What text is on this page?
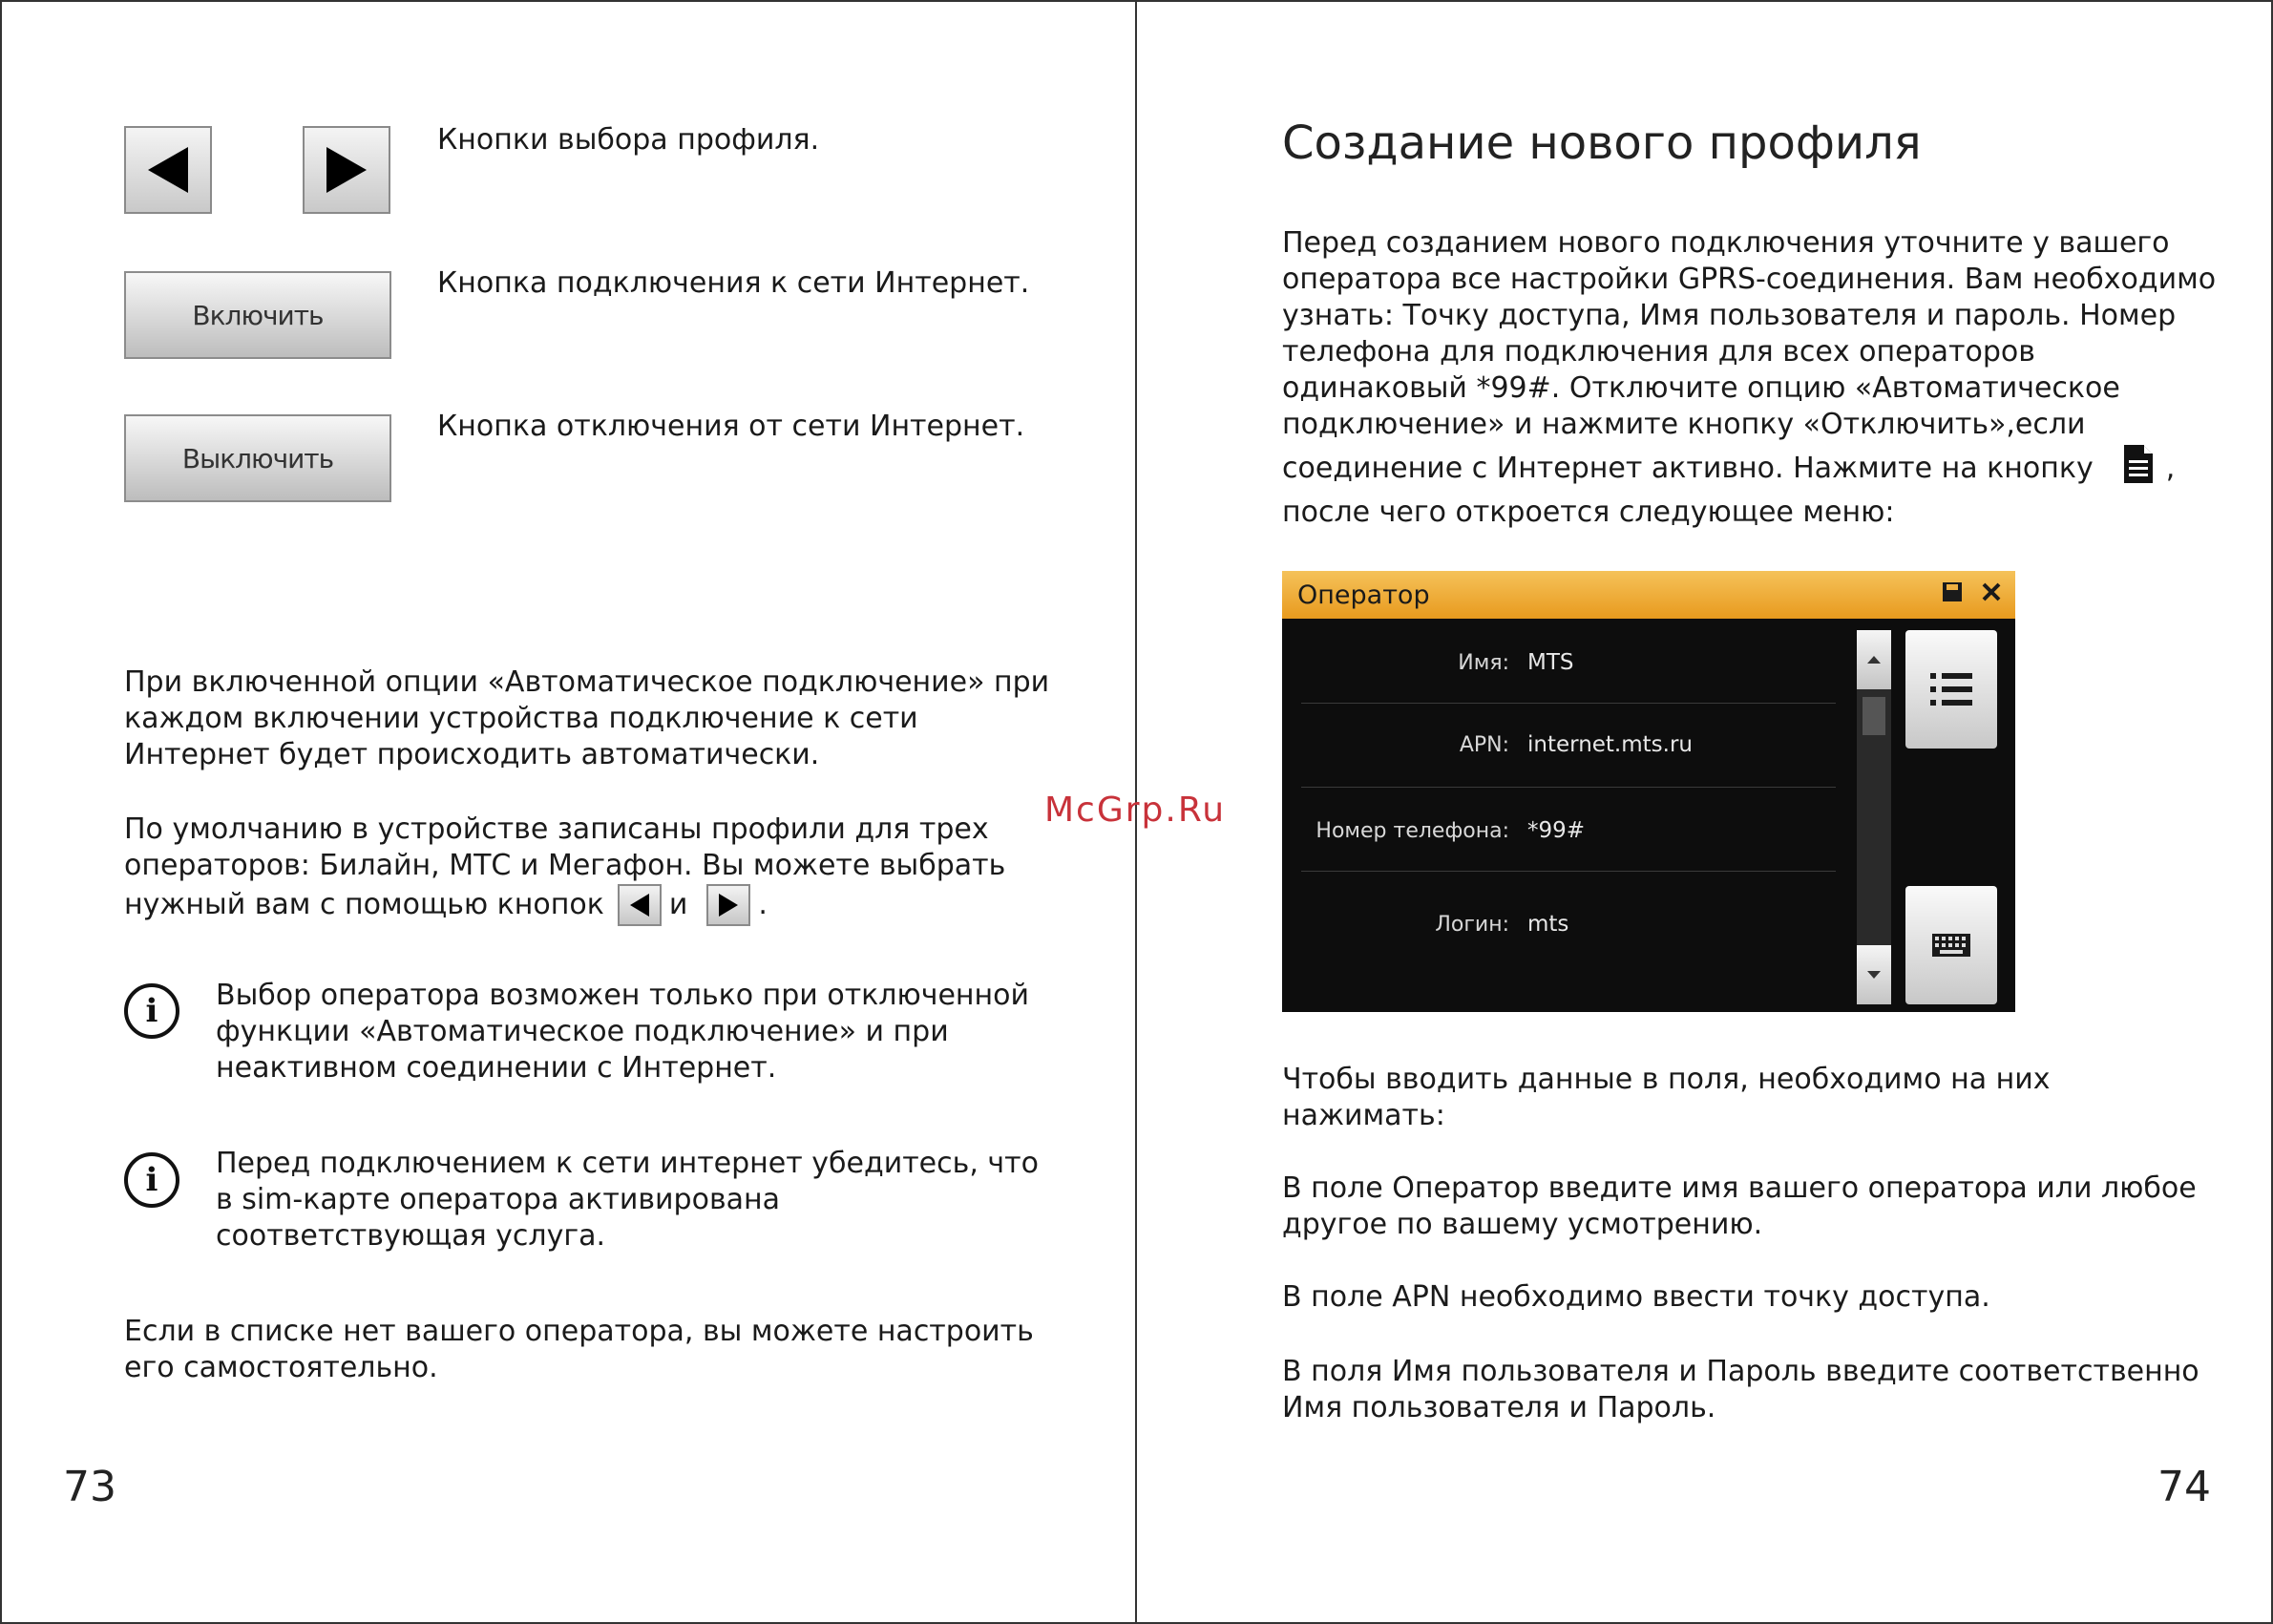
Кнопки выбора профиля.
Включить
Кнопка подключения к сети Интернет.
Выключить
Кнопка отключения от сети Интернет.
При включенной опции «Автоматическое подключение» при
каждом включении устройства подключение к сети
Интернет будет происходить автоматически.
По умолчанию в устройстве записаны профили для трех
операторов: Билайн, МТС и Мегафон. Вы можете выбрать
нужный вам с помощью кнопок и .
i	Выбор оператора возможен только при отключенной
функции «Автоматическое подключение» и при
неактивном соединении с Интернет.
i	Перед подключением к сети интернет убедитесь, что
в sim-карте оператора активирована
соответствующая услуга.
Если в списке нет вашего оператора, вы можете настроить
его самостоятельно.
73
McGrp.Ru
Создание нового профиля
Перед созданием нового подключения уточните у вашего
оператора все настройки GPRS-соединения. Вам необходимо
узнать: Точку доступа, Имя пользователя и пароль. Номер
телефона для подключения для всех операторов
одинаковый *99#. Отключите опцию «Автоматическое
подключение» и нажмите кнопку «Отключить»,если
соединение с Интернет активно. Нажмите на кнопку	,
после чего откроется следующее меню:
Оператор
Имя: MTS
APN: internet.mts.ru
Номер телефона: *99#
Логин: mts
Чтобы вводить данные в поля, необходимо на них
нажимать:
В поле Оператор введите имя вашего оператора или любое
другое по вашему усмотрению.
В поле APN необходимо ввести точку доступа.
В поля Имя пользователя и Пароль введите соответственно
Имя пользователя и Пароль.
74
